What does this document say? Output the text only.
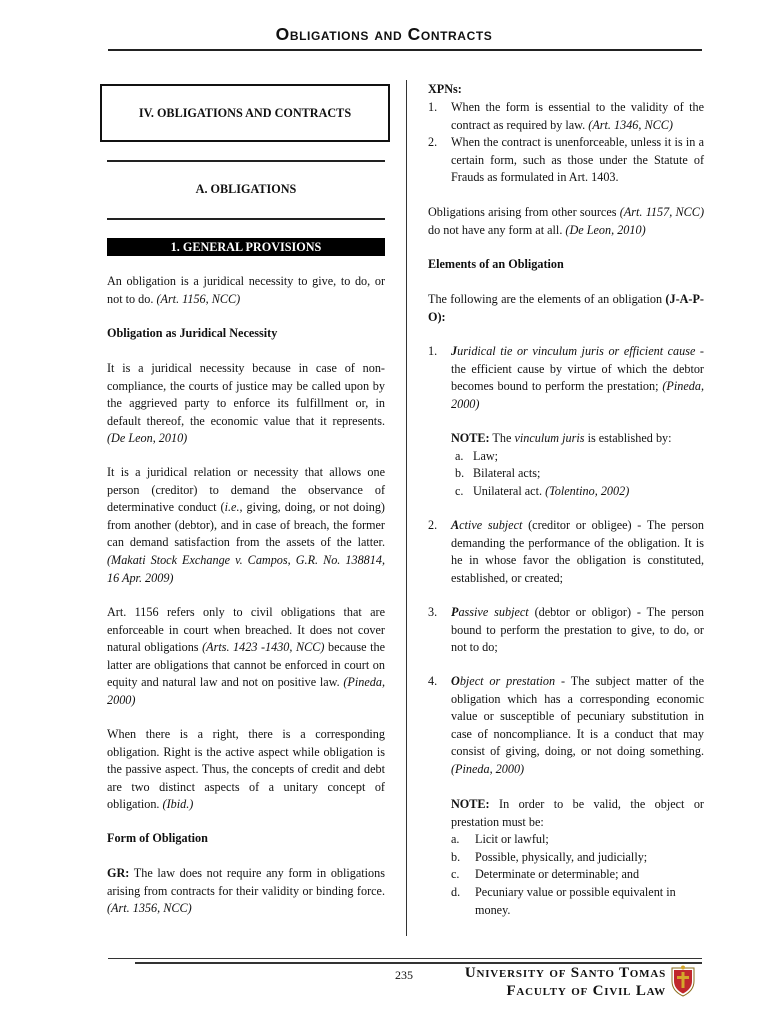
Obligations and Contracts
IV. OBLIGATIONS AND CONTRACTS
A. OBLIGATIONS
1. GENERAL PROVISIONS

An obligation is a juridical necessity to give, to do, or not to do. (Art. 1156, NCC)

Obligation as Juridical Necessity

It is a juridical necessity because in case of non-compliance, the courts of justice may be called upon by the aggrieved party to enforce its fulfillment or, in default thereof, the economic value that it represents. (De Leon, 2010)

It is a juridical relation or necessity that allows one person (creditor) to demand the observance of determinative conduct (i.e., giving, doing, or not doing) from another (debtor), and in case of breach, the former can demand satisfaction from the assets of the latter. (Makati Stock Exchange v. Campos, G.R. No. 138814, 16 Apr. 2009)

Art. 1156 refers only to civil obligations that are enforceable in court when breached. It does not cover natural obligations (Arts. 1423 -1430, NCC) because the latter are obligations that cannot be enforced in court on equity and natural law and not on positive law. (Pineda, 2000)

When there is a right, there is a corresponding obligation. Right is the active aspect while obligation is the passive aspect. Thus, the concepts of credit and debt are two distinct aspects of a unitary concept of obligation. (Ibid.)

Form of Obligation

GR: The law does not require any form in obligations arising from contracts for their validity or binding force. (Art. 1356, NCC)

XPNs:
1. When the form is essential to the validity of the contract as required by law. (Art. 1346, NCC)

2. When the contract is unenforceable, unless it is in a certain form, such as those under the Statute of Frauds as formulated in Art. 1403.

Obligations arising from other sources (Art. 1157, NCC) do not have any form at all. (De Leon, 2010)

Elements of an Obligation

The following are the elements of an obligation (J-A-P-O):

1. Juridical tie or vinculum juris or efficient cause - the efficient cause by virtue of which the debtor becomes bound to perform the prestation; (Pineda, 2000)

NOTE: The vinculum juris is established by:

a. Law;
b. Bilateral acts;
c. Unilateral act. (Tolentino, 2002)
2. Active subject (creditor or obligee) - The person demanding the performance of the obligation. It is he in whose favor the obligation is constituted, established, or created;

3. Passive subject (debtor or obligor) - The person bound to perform the prestation to give, to do, or not to do;

4. Object or prestation - The subject matter of the obligation which has a corresponding economic value or susceptible of pecuniary substitution in case of noncompliance. It is a conduct that may consist of giving, doing, or not doing something. (Pineda, 2000)

NOTE: In order to be valid, the object or prestation must be:

a. Licit or lawful;
b. Possible, physically, and judicially;
c. Determinate or determinable; and
d. Pecuniary value or possible equivalent in money.
235	University of Santo Tomas
Faculty of Civil Law
